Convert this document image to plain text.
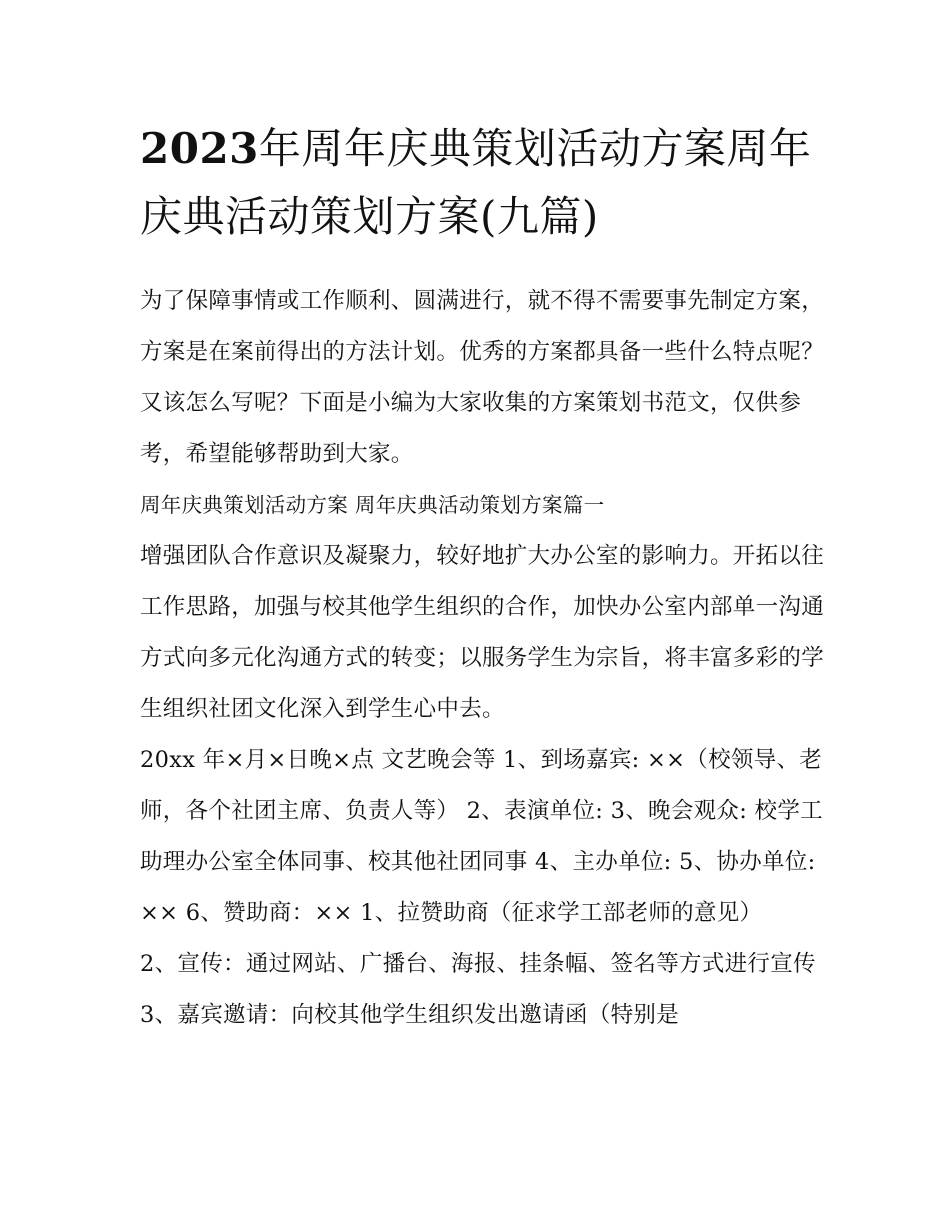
2023年周年庆典策划活动方案周年庆典活动策划方案(九篇)

为了保障事情或工作顺利、圆满进行，就不得不需要事先制定方案，方案是在案前得出的方法计划。优秀的方案都具备一些什么特点呢？又该怎么写呢？下面是小编为大家收集的方案策划书范文，仅供参考，希望能够帮助到大家。

周年庆典策划活动方案 周年庆典活动策划方案篇一

增强团队合作意识及凝聚力，较好地扩大办公室的影响力。开拓以往工作思路，加强与校其他学生组织的合作，加快办公室内部单一沟通方式向多元化沟通方式的转变；以服务学生为宗旨，将丰富多彩的学生组织社团文化深入到学生心中去。

20xx 年×月×日晚×点 文艺晚会等 1、到场嘉宾: ××（校领导、老师，各个社团主席、负责人等） 2、表演单位: 3、晚会观众: 校学工助理办公室全体同事、校其他社团同事 4、主办单位: 5、协办单位: ×× 6、赞助商：×× 1、拉赞助商（征求学工部老师的意见）

2、宣传：通过网站、广播台、海报、挂条幅、签名等方式进行宣传 3、嘉宾邀请：向校其他学生组织发出邀请函（特别是
